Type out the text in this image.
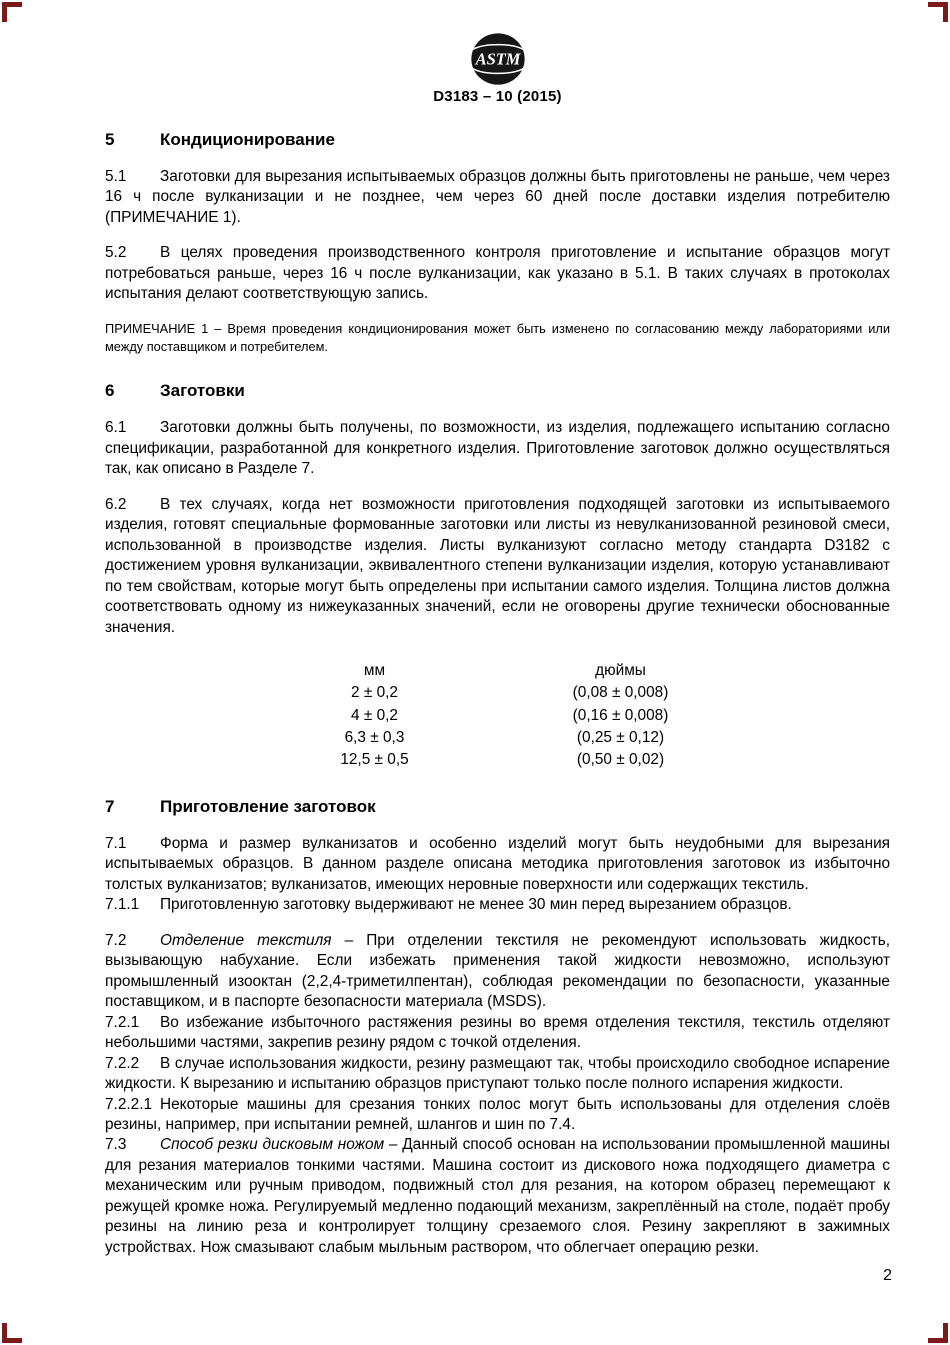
ASTM
D3183 – 10 (2015)
5	Кондиционирование

5.1 Заготовки для вырезания испытываемых образцов должны быть приготовлены не раньше, чем через 16 ч после вулканизации и не позднее, чем через 60 дней после доставки изделия потребителю (ПРИМЕЧАНИЕ 1).

5.2 В целях проведения производственного контроля приготовление и испытание образцов могут потребоваться раньше, через 16 ч после вулканизации, как указано в 5.1. В таких случаях в протоколах испытания делают соответствующую запись.

ПРИМЕЧАНИЕ 1 – Время проведения кондиционирования может быть изменено по согласованию между лабораториями или между поставщиком и потребителем.

6	Заготовки

6.1 Заготовки должны быть получены, по возможности, из изделия, подлежащего испытанию согласно спецификации, разработанной для конкретного изделия. Приготовление заготовок должно осуществляться так, как описано в Разделе 7.

6.2 В тех случаях, когда нет возможности приготовления подходящей заготовки из испытываемого изделия, готовят специальные формованные заготовки или листы из невулканизованной резиновой смеси, использованной в производстве изделия. Листы вулканизуют согласно методу стандарта D3182 с достижением уровня вулканизации, эквивалентного степени вулканизации изделия, которую устанавливают по тем свойствам, которые могут быть определены при испытании самого изделия. Толщина листов должна соответствовать одному из нижеуказанных значений, если не оговорены другие технически обоснованные значения.

мм	дюймы
2 ± 0,2	(0,08 ± 0,008)
4 ± 0,2	(0,16 ± 0,008)
6,3 ± 0,3	(0,25 ± 0,12)
12,5 ± 0,5	(0,50 ± 0,02)
7	Приготовление заготовок

7.1 Форма и размер вулканизатов и особенно изделий могут быть неудобными для вырезания испытываемых образцов. В данном разделе описана методика приготовления заготовок из избыточно толстых вулканизатов; вулканизатов, имеющих неровные поверхности или содержащих текстиль.

7.1.1 Приготовленную заготовку выдерживают не менее 30 мин перед вырезанием образцов.

7.2 Отделение текстиля – При отделении текстиля не рекомендуют использовать жидкость, вызывающую набухание. Если избежать применения такой жидкости невозможно, используют промышленный изооктан (2,2,4-триметилпентан), соблюдая рекомендации по безопасности, указанные поставщиком, и в паспорте безопасности материала (MSDS).

7.2.1 Во избежание избыточного растяжения резины во время отделения текстиля, текстиль отделяют небольшими частями, закрепив резину рядом с точкой отделения.

7.2.2 В случае использования жидкости, резину размещают так, чтобы происходило свободное испарение жидкости. К вырезанию и испытанию образцов приступают только после полного испарения жидкости.

7.2.2.1 Некоторые машины для срезания тонких полос могут быть использованы для отделения слоёв резины, например, при испытании ремней, шлангов и шин по 7.4.

7.3 Способ резки дисковым ножом – Данный способ основан на использовании промышленной машины для резания материалов тонкими частями. Машина состоит из дискового ножа подходящего диаметра с механическим или ручным приводом, подвижный стол для резания, на котором образец перемещают к режущей кромке ножа. Регулируемый медленно подающий механизм, закреплённый на столе, подаёт пробу резины на линию реза и контролирует толщину срезаемого слоя. Резину закрепляют в зажимных устройствах. Нож смазывают слабым мыльным раствором, что облегчает операцию резки.

2
